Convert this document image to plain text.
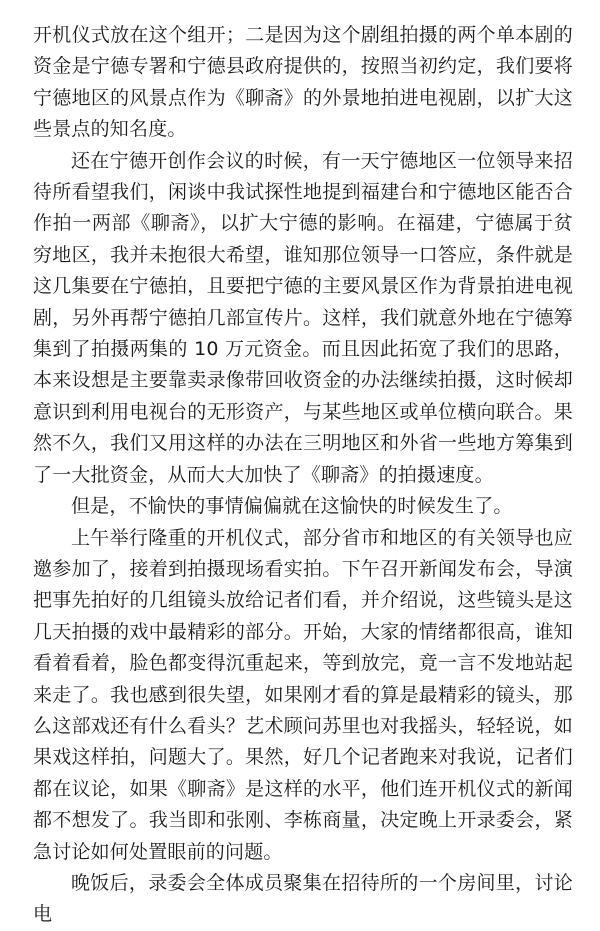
开机仪式放在这个组开；二是因为这个剧组拍摄的两个单本剧的资金是宁德专署和宁德县政府提供的，按照当初约定，我们要将宁德地区的风景点作为《聊斋》的外景地拍进电视剧，以扩大这些景点的知名度。

还在宁德开创作会议的时候，有一天宁德地区一位领导来招待所看望我们，闲谈中我试探性地提到福建台和宁德地区能否合作拍一两部《聊斋》，以扩大宁德的影响。在福建，宁德属于贫穷地区，我并未抱很大希望，谁知那位领导一口答应，条件就是这几集要在宁德拍，且要把宁德的主要风景区作为背景拍进电视剧，另外再帮宁德拍几部宣传片。这样，我们就意外地在宁德筹集到了拍摄两集的 10 万元资金。而且因此拓宽了我们的思路，本来设想是主要靠卖录像带回收资金的办法继续拍摄，这时候却意识到利用电视台的无形资产，与某些地区或单位横向联合。果然不久，我们又用这样的办法在三明地区和外省一些地方筹集到了一大批资金，从而大大加快了《聊斋》的拍摄速度。

但是，不愉快的事情偏偏就在这愉快的时候发生了。

上午举行隆重的开机仪式，部分省市和地区的有关领导也应邀参加了，接着到拍摄现场看实拍。下午召开新闻发布会，导演把事先拍好的几组镜头放给记者们看，并介绍说，这些镜头是这几天拍摄的戏中最精彩的部分。开始，大家的情绪都很高，谁知看着看着，脸色都变得沉重起来，等到放完，竟一言不发地站起来走了。我也感到很失望，如果刚才看的算是最精彩的镜头，那么这部戏还有什么看头？艺术顾问苏里也对我摇头，轻轻说，如果戏这样拍，问题大了。果然，好几个记者跑来对我说，记者们都在议论，如果《聊斋》是这样的水平，他们连开机仪式的新闻都不想发了。我当即和张刚、李栋商量，决定晚上开录委会，紧急讨论如何处置眼前的问题。

晚饭后，录委会全体成员聚集在招待所的一个房间里，讨论电
